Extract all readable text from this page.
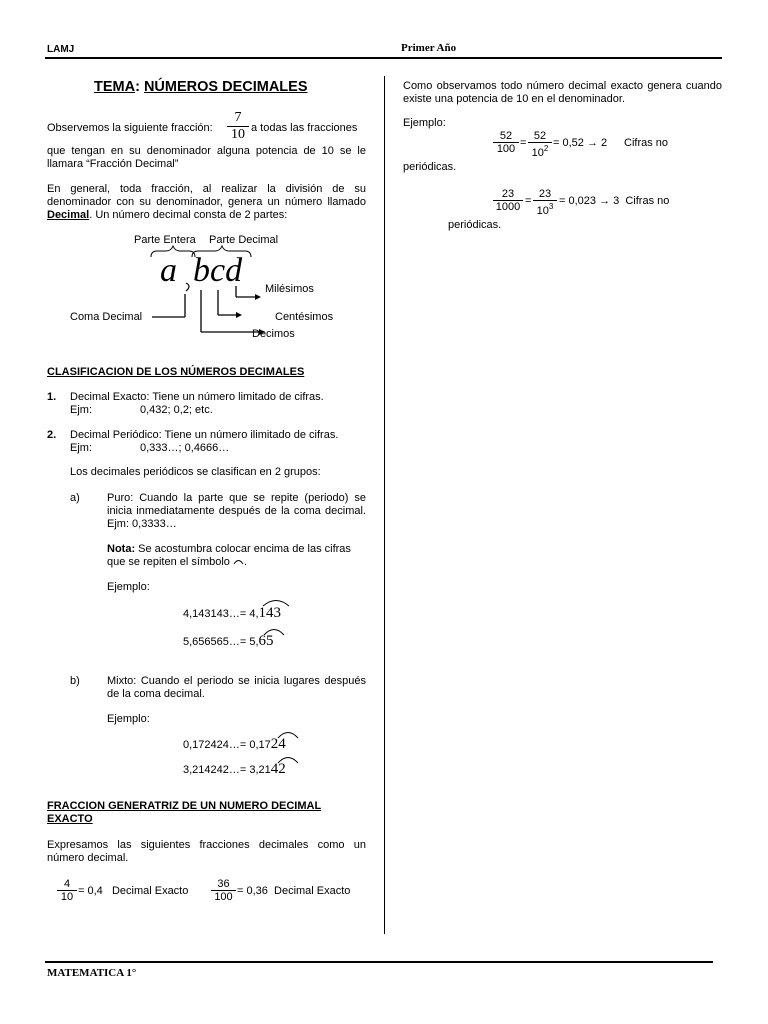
LAMJ	Primer Año
MATEMATICA 1°
TEMA: NÚMEROS DECIMALES
Observemos la siguiente fracción: $\frac{7}{10}$ a todas las fracciones
que tengan en su denominador alguna potencia de 10 se le llamara “Fracción Decimal”
En general, toda fracción, al realizar la división de su denominador con su denominador, genera un número llamado Decimal. Un número decimal consta de 2 partes:
Parte Entera Parte Decimal
a bcd Milésimos
Coma Decimal	Centésimos
Decimos
CLASIFICACION DE LOS NÚMEROS DECIMALES
1. Decimal Exacto: Tiene un número limitado de cifras.
Ejm:	0,432; 0,2; etc.
2. Decimal Periódico: Tiene un número ilimitado de cifras.
Ejm:	0,333…; 0,4666…
Los decimales periódicos se clasifican en 2 grupos:
a) Puro: Cuando la parte que se repite (periodo) se inicia inmediatamente después de la coma decimal. Ejm: 0,3333…
Nota: Se acostumbra colocar encima de las cifras que se repiten el símbolo .
Ejemplo:
4,143143…= 4,143
5,656565…= 5,65
b) Mixto: Cuando el periodo se inicia lugares después de la coma decimal.
Ejemplo:
0,172424…= 0,1724
3,214242…= 3,2142
FRACCION GENERATRIZ DE UN NUMERO DECIMAL EXACTO
Expresamos las siguientes fracciones decimales como un número decimal.
$\frac{4}{10} = 0,4$   Decimal Exacto $\frac{36}{100} = 0,36$  Decimal Exacto
Como observamos todo número decimal exacto genera cuando existe una potencia de 10 en el denominador.
Ejemplo:
$\frac{52}{100} = \frac{52}{10^2} = 0,52 \to 2$ Cifras no
periódicas.
$\frac{23}{1000} = \frac{23}{10^3} = 0,023 \to 3$  Cifras no
periódicas.
